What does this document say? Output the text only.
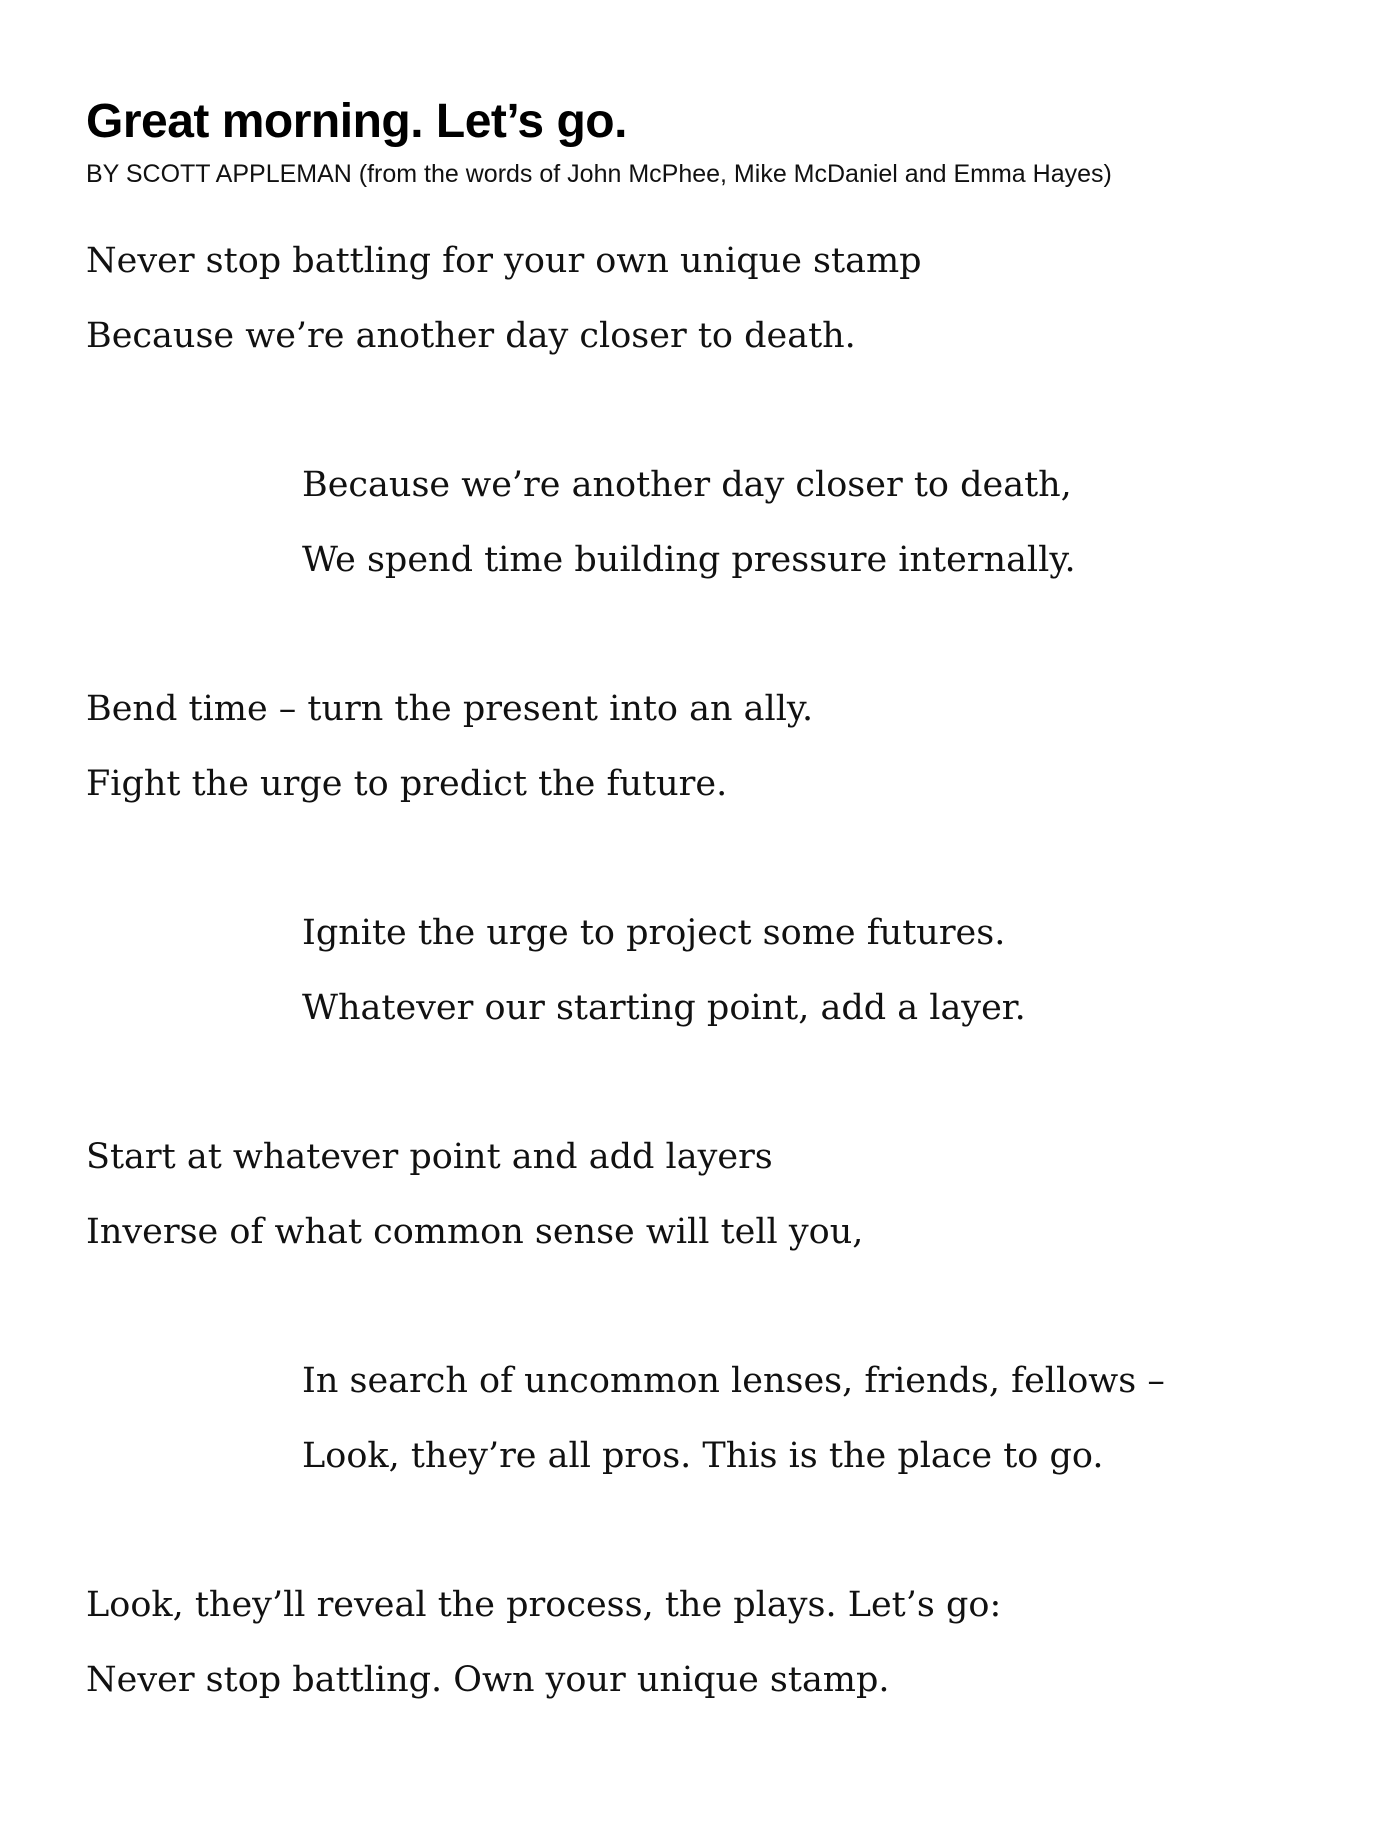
Great morning. Let’s go.
BY SCOTT APPLEMAN (from the words of John McPhee, Mike McDaniel and Emma Hayes)
Never stop battling for your own unique stamp
Because we’re another day closer to death.
Because we’re another day closer to death,
We spend time building pressure internally.
Bend time – turn the present into an ally.
Fight the urge to predict the future.
Ignite the urge to project some futures.
Whatever our starting point, add a layer.
Start at whatever point and add layers
Inverse of what common sense will tell you,
In search of uncommon lenses, friends, fellows –
Look, they’re all pros. This is the place to go.
Look, they’ll reveal the process, the plays. Let’s go:
Never stop battling. Own your unique stamp.
